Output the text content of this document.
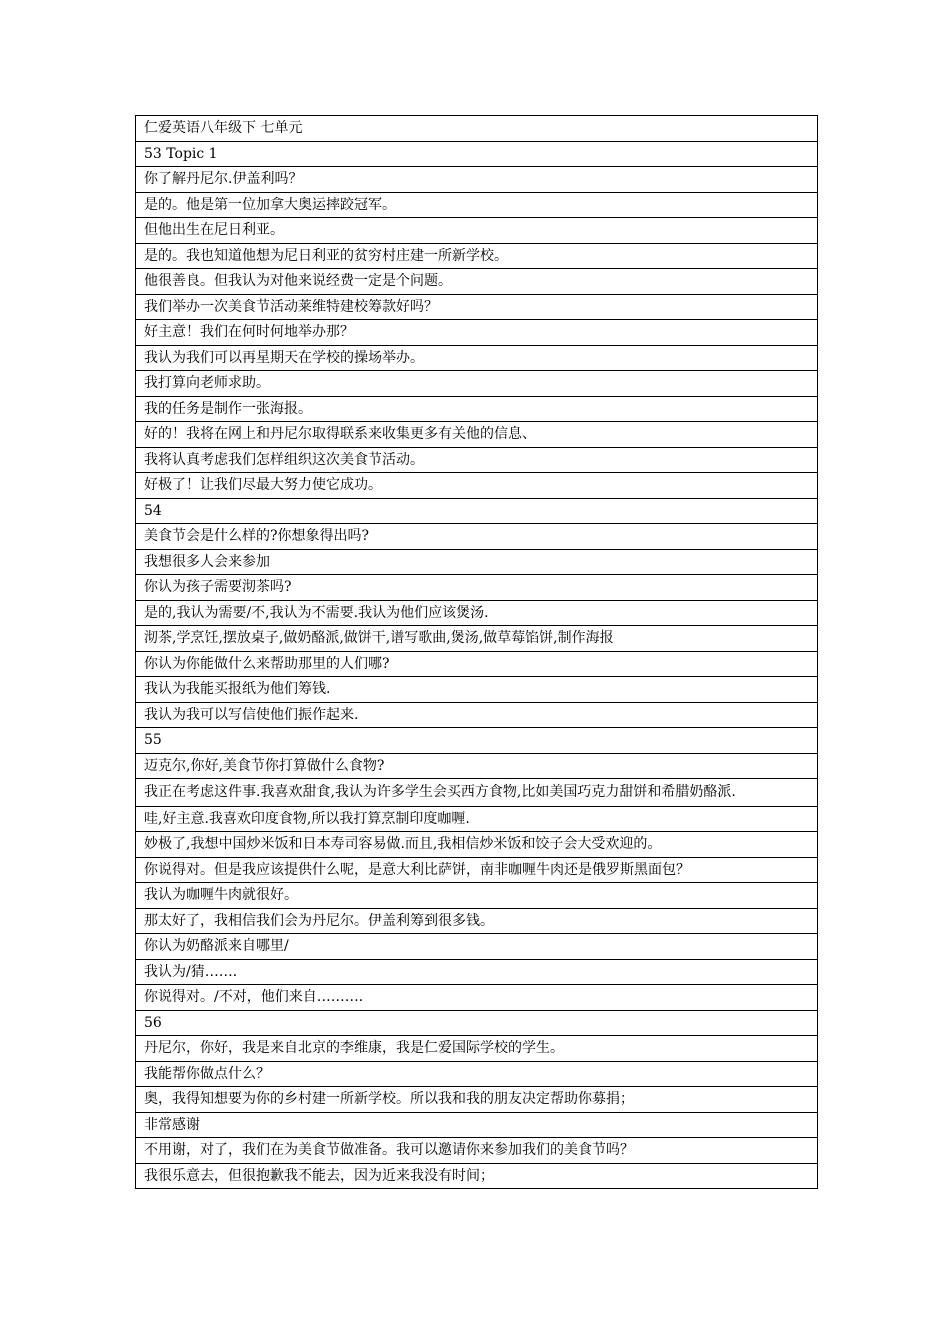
仁爱英语八年级下 七单元
53 Topic 1
你了解丹尼尔.伊盖利吗？
是的。他是第一位加拿大奥运摔跤冠军。
但他出生在尼日利亚。
是的。我也知道他想为尼日利亚的贫穷村庄建一所新学校。
他很善良。但我认为对他来说经费一定是个问题。
我们举办一次美食节活动莱维特建校筹款好吗？
好主意！我们在何时何地举办那？
我认为我们可以再星期天在学校的操场举办。
我打算向老师求助。
我的任务是制作一张海报。
好的！我将在网上和丹尼尔取得联系来收集更多有关他的信息、
我将认真考虑我们怎样组织这次美食节活动。
好极了！让我们尽最大努力使它成功。
54
美食节会是什么样的?你想象得出吗?
我想很多人会来参加
你认为孩子需要沏茶吗?
是的,我认为需要/不,我认为不需要.我认为他们应该煲汤.
沏茶,学烹饪,摆放桌子,做奶酪派,做饼干,谱写歌曲,煲汤,做草莓馅饼,制作海报
你认为你能做什么来帮助那里的人们哪?
我认为我能买报纸为他们筹钱.
我认为我可以写信使他们振作起来.
55
迈克尔,你好,美食节你打算做什么食物?
我正在考虑这件事.我喜欢甜食,我认为许多学生会买西方食物,比如美国巧克力甜饼和希腊奶酪派.
哇,好主意.我喜欢印度食物,所以我打算烹制印度咖喱.
妙极了,我想中国炒米饭和日本寿司容易做.而且,我相信炒米饭和饺子会大受欢迎的。
你说得对。但是我应该提供什么呢，是意大利比萨饼，南非咖喱牛肉还是俄罗斯黑面包？
我认为咖喱牛肉就很好。
那太好了，我相信我们会为丹尼尔。伊盖利筹到很多钱。
你认为奶酪派来自哪里/
我认为/猜……．
你说得对。/不对，他们来自………．
56
丹尼尔，你好，我是来自北京的李维康，我是仁爱国际学校的学生。
我能帮你做点什么？
奥，我得知想要为你的乡村建一所新学校。所以我和我的朋友决定帮助你募捐；
非常感谢
不用谢，对了，我们在为美食节做准备。我可以邀请你来参加我们的美食节吗？
我很乐意去，但很抱歉我不能去，因为近来我没有时间；
